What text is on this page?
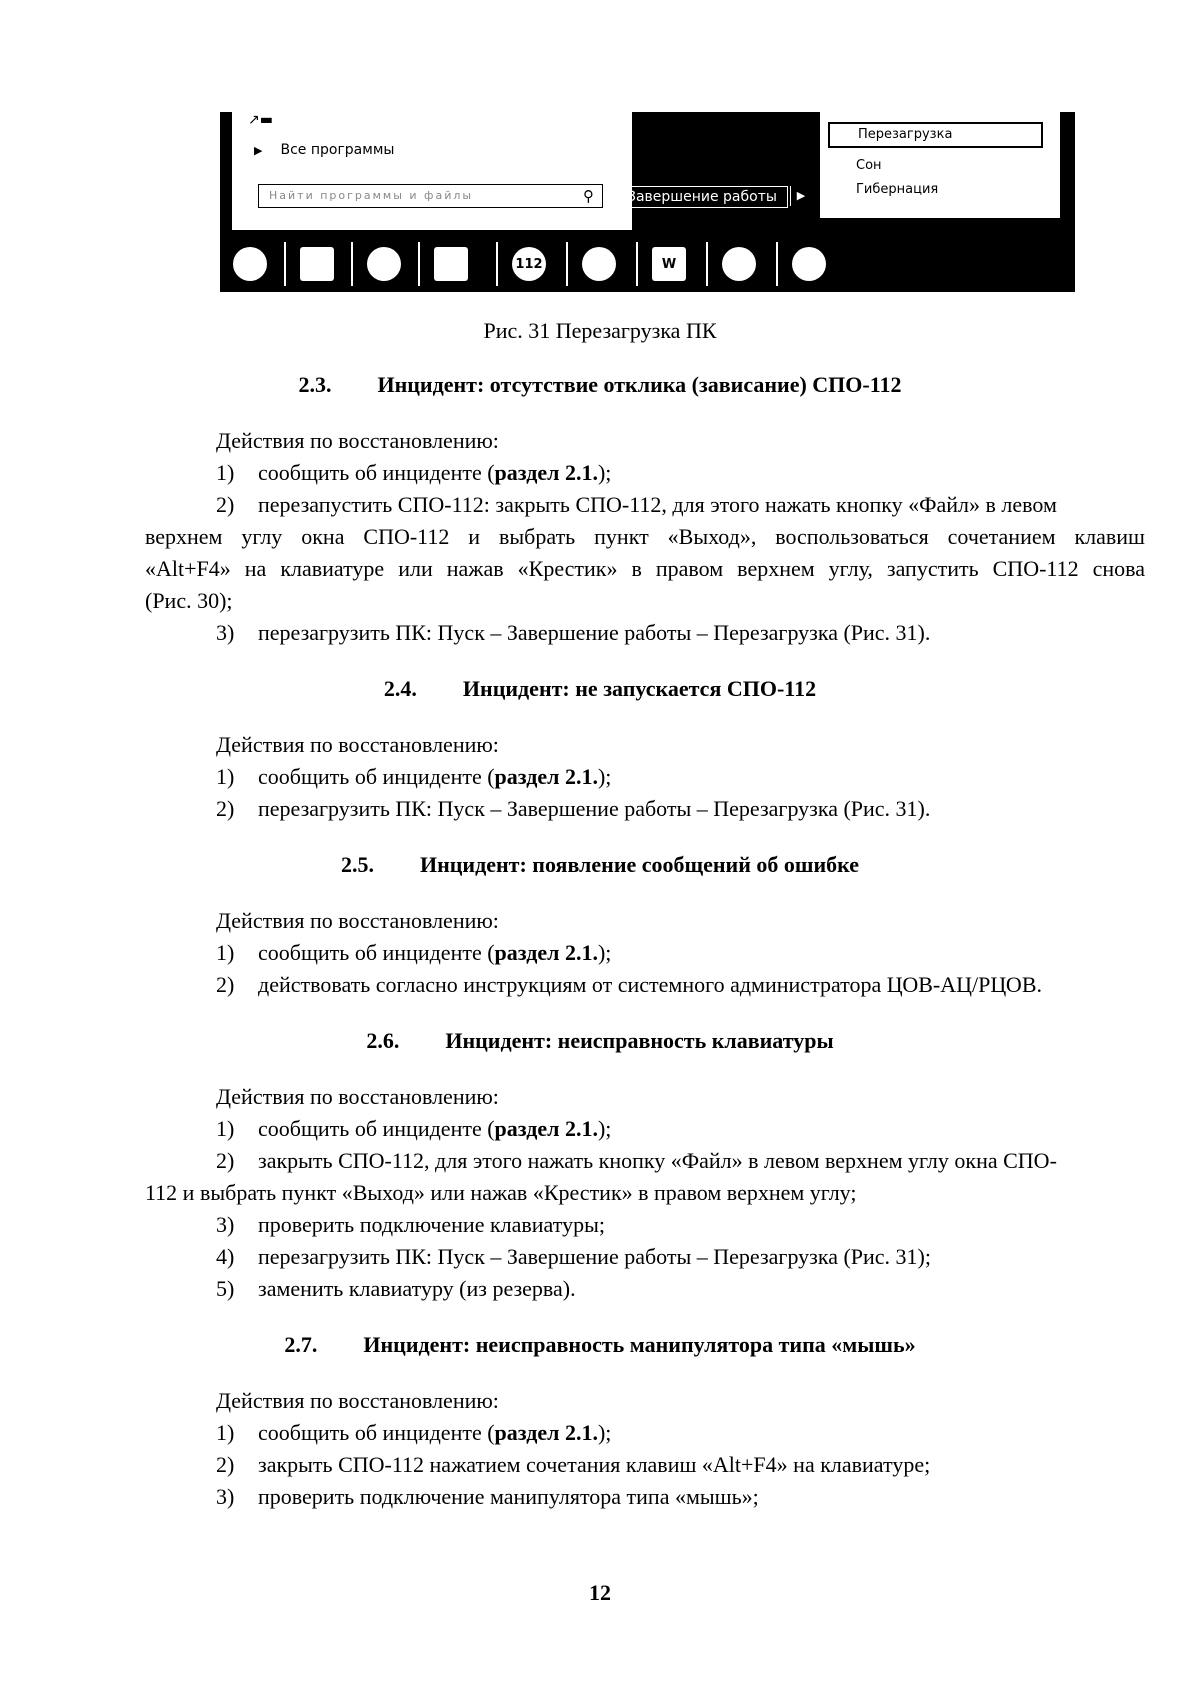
↗▬
▶ Все программы
Найти программы и файлы	⚲	Завершение работы	▶
Перезагрузка
Сон
Гибернация
112	W
Рис. 31 Перезагрузка ПК
2.3. Инцидент: отсутствие отклика (зависание) СПО-112
Действия по восстановлению:
1) сообщить об инциденте (раздел 2.1.);
2) перезапустить СПО-112: закрыть СПО-112, для этого нажать кнопку «Файл» в левом
верхнем углу окна СПО-112 и выбрать пункт «Выход», воспользоваться сочетанием клавиш
«Alt+F4» на клавиатуре или нажав «Крестик» в правом верхнем углу, запустить СПО-112 снова
(Рис. 30);
3) перезагрузить ПК: Пуск – Завершение работы – Перезагрузка (Рис. 31).
2.4. Инцидент: не запускается СПО-112
Действия по восстановлению:
1) сообщить об инциденте (раздел 2.1.);
2) перезагрузить ПК: Пуск – Завершение работы – Перезагрузка (Рис. 31).
2.5. Инцидент: появление сообщений об ошибке
Действия по восстановлению:
1) сообщить об инциденте (раздел 2.1.);
2) действовать согласно инструкциям от системного администратора ЦОВ-АЦ/РЦОВ.
2.6. Инцидент: неисправность клавиатуры
Действия по восстановлению:
1) сообщить об инциденте (раздел 2.1.);
2) закрыть СПО-112, для этого нажать кнопку «Файл» в левом верхнем углу окна СПО-
112 и выбрать пункт «Выход» или нажав «Крестик» в правом верхнем углу;
3) проверить подключение клавиатуры;
4) перезагрузить ПК: Пуск – Завершение работы – Перезагрузка (Рис. 31);
5) заменить клавиатуру (из резерва).
2.7. Инцидент: неисправность манипулятора типа «мышь»
Действия по восстановлению:
1) сообщить об инциденте (раздел 2.1.);
2) закрыть СПО-112 нажатием сочетания клавиш «Alt+F4» на клавиатуре;
3) проверить подключение манипулятора типа «мышь»;
12
